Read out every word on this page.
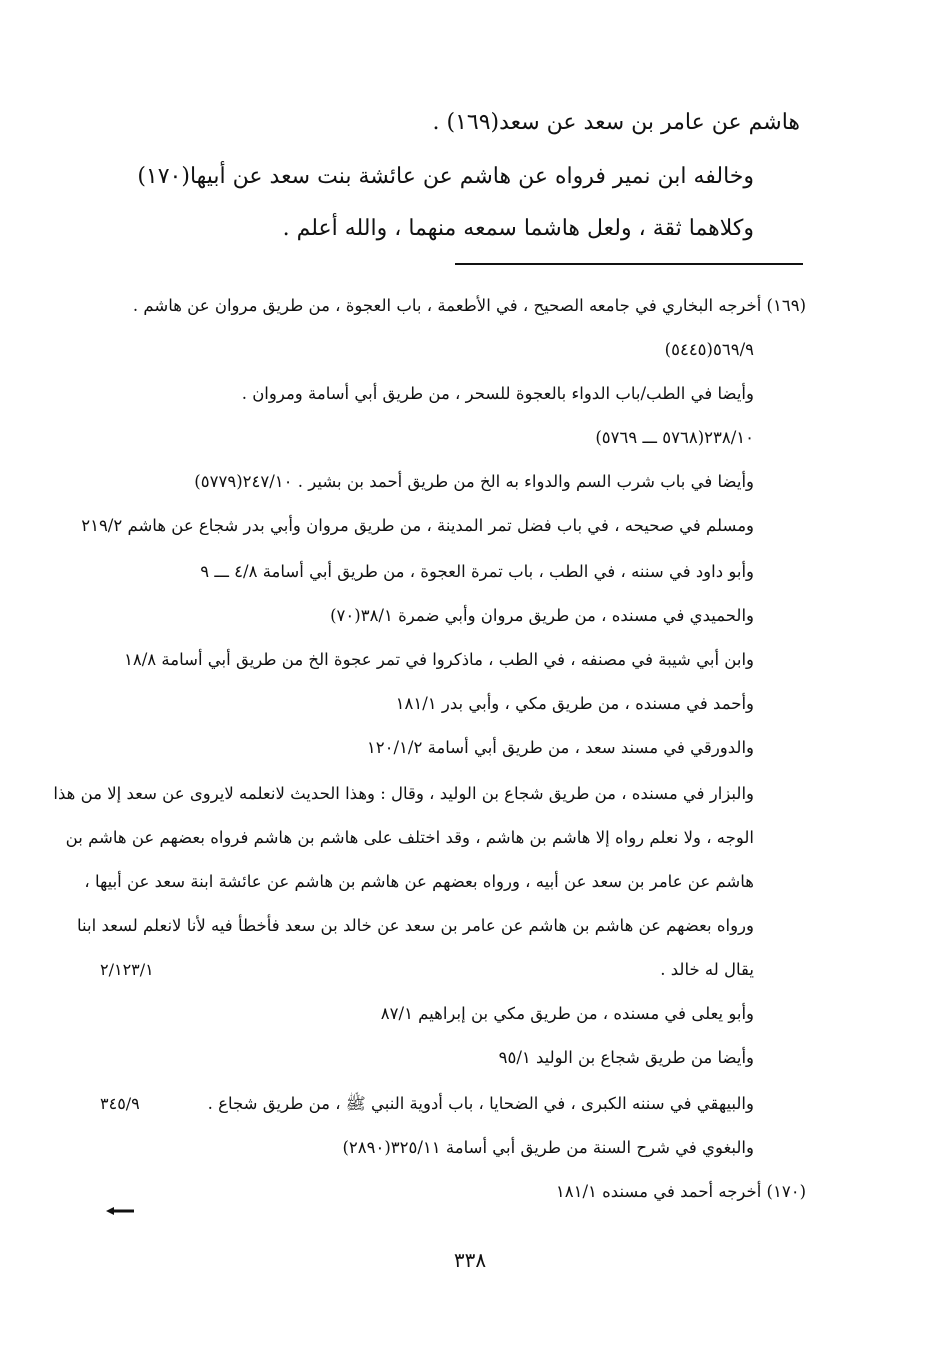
هاشم عن عامر بن سعد عن سعد(١٦٩) .
وخالفه ابن نمير فرواه عن هاشم عن عائشة بنت سعد عن أبيها(١٧٠)
وكلاهما ثقة ، ولعل هاشما سمعه منهما ، والله أعلم .
(١٦٩) أخرجه البخاري في جامعه الصحيح ، في الأطعمة ، باب العجوة ، من طريق مروان عن هاشم .
٥٦٩/٩(٥٤٤٥)
وأيضا في الطب/باب الدواء بالعجوة للسحر ، من طريق أبي أسامة ومروان .
٢٣٨/١٠(٥٧٦٨ ـــ ٥٧٦٩)
وأيضا في باب شرب السم والدواء به الخ من طريق أحمد بن بشير . ٢٤٧/١٠(٥٧٧٩)
ومسلم في صحيحه ، في باب فضل تمر المدينة ، من طريق مروان وأبي بدر شجاع عن هاشم ٢١٩/٢
وأبو داود في سننه ، في الطب ، باب تمرة العجوة ، من طريق أبي أسامة ٤/٨ ـــ ٩
والحميدي في مسنده ، من طريق مروان وأبي ضمرة ٣٨/١(٧٠)
وابن أبي شيبة في مصنفه ، في الطب ، ماذكروا في تمر عجوة الخ من طريق أبي أسامة ١٨/٨
وأحمد في مسنده ، من طريق مكي ، وأبي بدر ١٨١/١
والدورقي في مسند سعد ، من طريق أبي أسامة ١٢٠/١/٢
والبزار في مسنده ، من طريق شجاع بن الوليد ، وقال : وهذا الحديث لانعلمه لايروى عن سعد إلا من هذا
الوجه ، ولا نعلم رواه إلا هاشم بن هاشم ، وقد اختلف على هاشم بن هاشم فرواه بعضهم عن هاشم بن
هاشم عن عامر بن سعد عن أبيه ، ورواه بعضهم عن هاشم بن هاشم عن عائشة ابنة سعد عن أبيها ،
ورواه بعضهم عن هاشم بن هاشم عن عامر بن سعد عن خالد بن سعد فأخطأ فيه لأنا لانعلم لسعد ابنا
يقال له خالد .
٢/١٢٣/١
وأبو يعلى في مسنده ، من طريق مكي بن إبراهيم ٨٧/١
وأيضا من طريق شجاع بن الوليد ٩٥/١
والبيهقي في سننه الكبرى ، في الضحايا ، باب أدوية النبي ﷺ ، من طريق شجاع .
٣٤٥/٩
والبغوي في شرح السنة من طريق أبي أسامة ٣٢٥/١١(٢٨٩٠)
(١٧٠) أخرجه أحمد في مسنده ١٨١/١
٣٣٨
